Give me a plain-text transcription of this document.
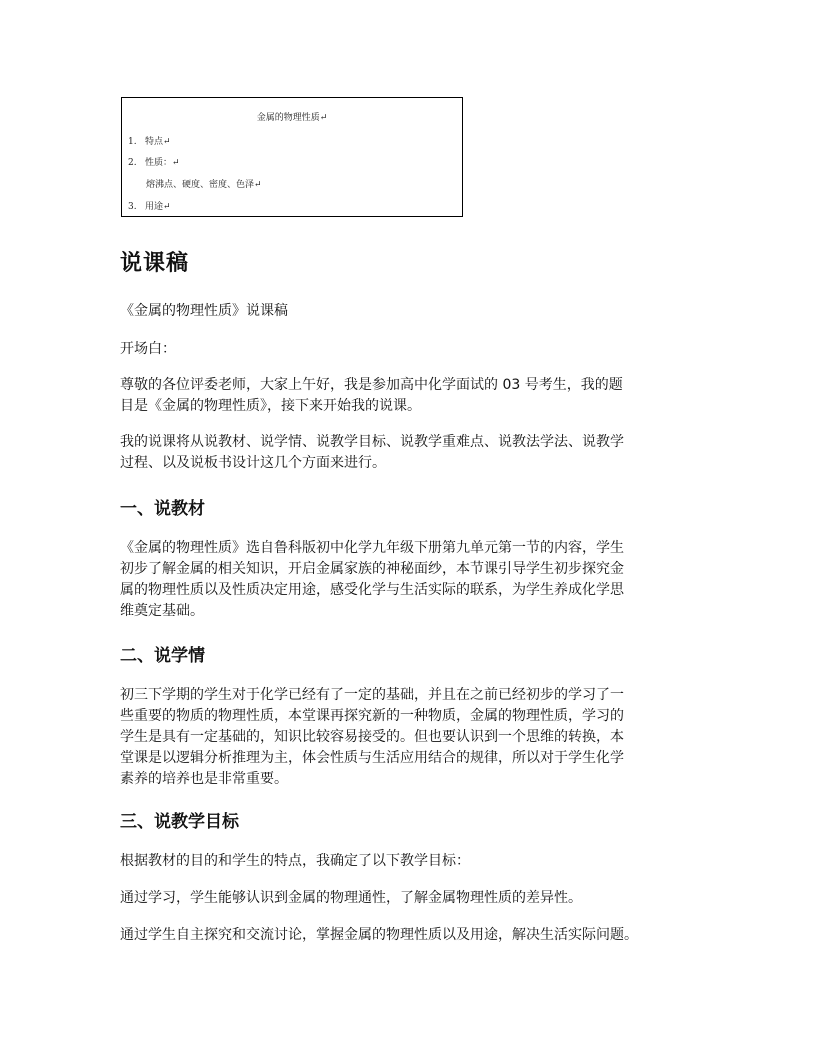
金属的物理性质↵
1. 特点↵
2. 性质：↵
熔沸点、硬度、密度、色泽↵
3. 用途↵
说课稿

《金属的物理性质》说课稿

开场白：

尊敬的各位评委老师，大家上午好，我是参加高中化学面试的 03 号考生，我的题
目是《金属的物理性质》，接下来开始我的说课。
我的说课将从说教材、说学情、说教学目标、说教学重难点、说教法学法、说教学
过程、以及说板书设计这几个方面来进行。
一、说教材
《金属的物理性质》选自鲁科版初中化学九年级下册第九单元第一节的内容，学生
初步了解金属的相关知识，开启金属家族的神秘面纱，本节课引导学生初步探究金
属的物理性质以及性质决定用途，感受化学与生活实际的联系，为学生养成化学思
维奠定基础。
二、说学情
初三下学期的学生对于化学已经有了一定的基础，并且在之前已经初步的学习了一
些重要的物质的物理性质，本堂课再探究新的一种物质，金属的物理性质，学习的
学生是具有一定基础的，知识比较容易接受的。但也要认识到一个思维的转换，本
堂课是以逻辑分析推理为主，体会性质与生活应用结合的规律，所以对于学生化学
素养的培养也是非常重要。
三、说教学目标

根据教材的目的和学生的特点，我确定了以下教学目标：

通过学习，学生能够认识到金属的物理通性，了解金属物理性质的差异性。

通过学生自主探究和交流讨论，掌握金属的物理性质以及用途，解决生活实际问题。
